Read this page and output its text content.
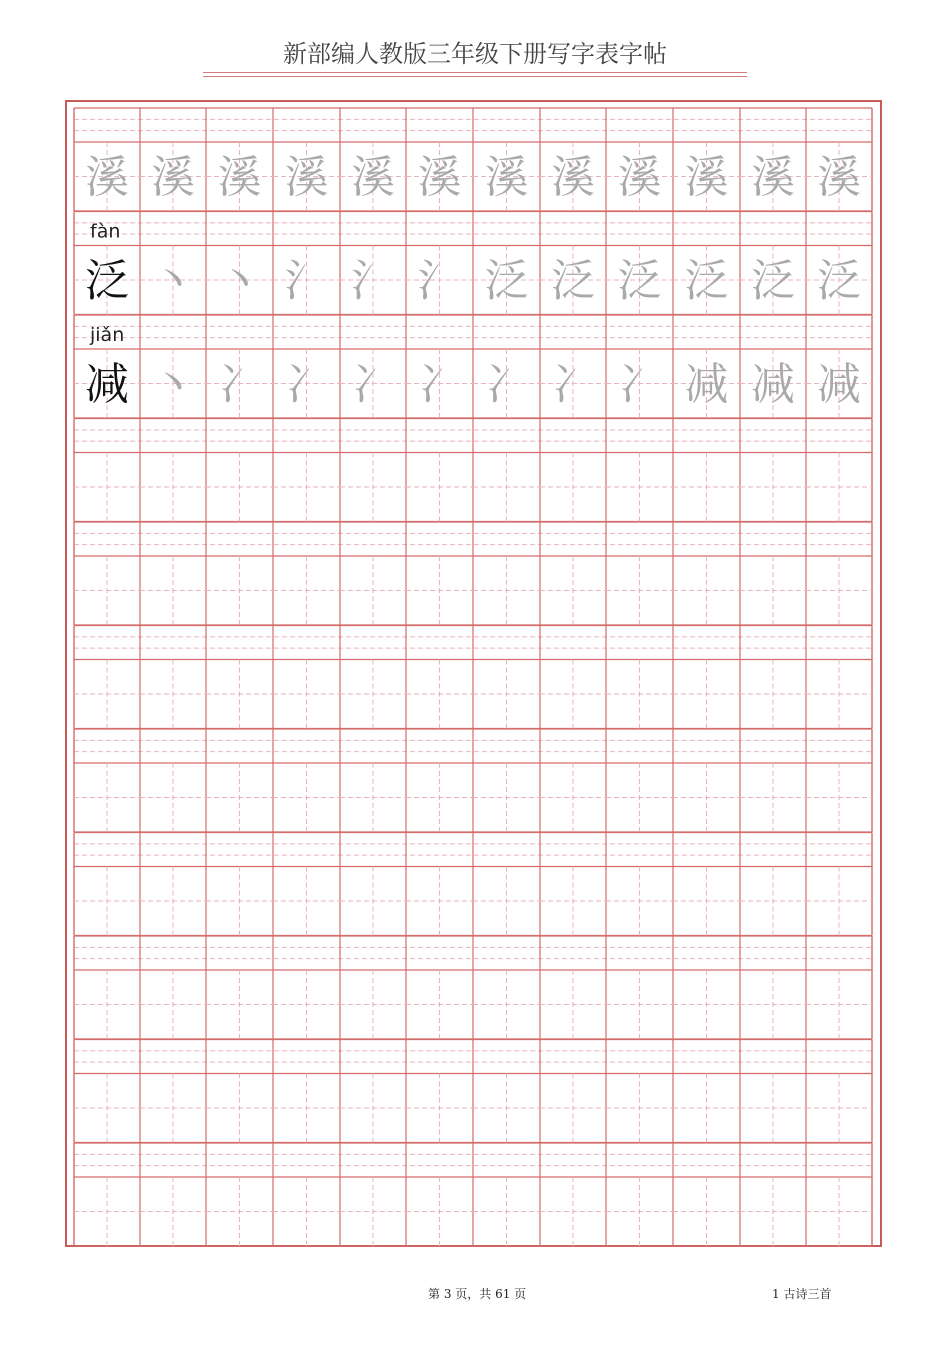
新部编人教版三年级下册写字表字帖
溪 溪 溪 溪 溪 溪 溪 溪 溪 溪 溪 溪
fàn
泛 丶 丶 氵 氵 氵 泛 泛 泛 泛 泛 泛
jiǎn
减 丶 冫 冫 冫 冫 冫 冫 冫 减 减 减
第 3 页，共 61 页	1 古诗三首
